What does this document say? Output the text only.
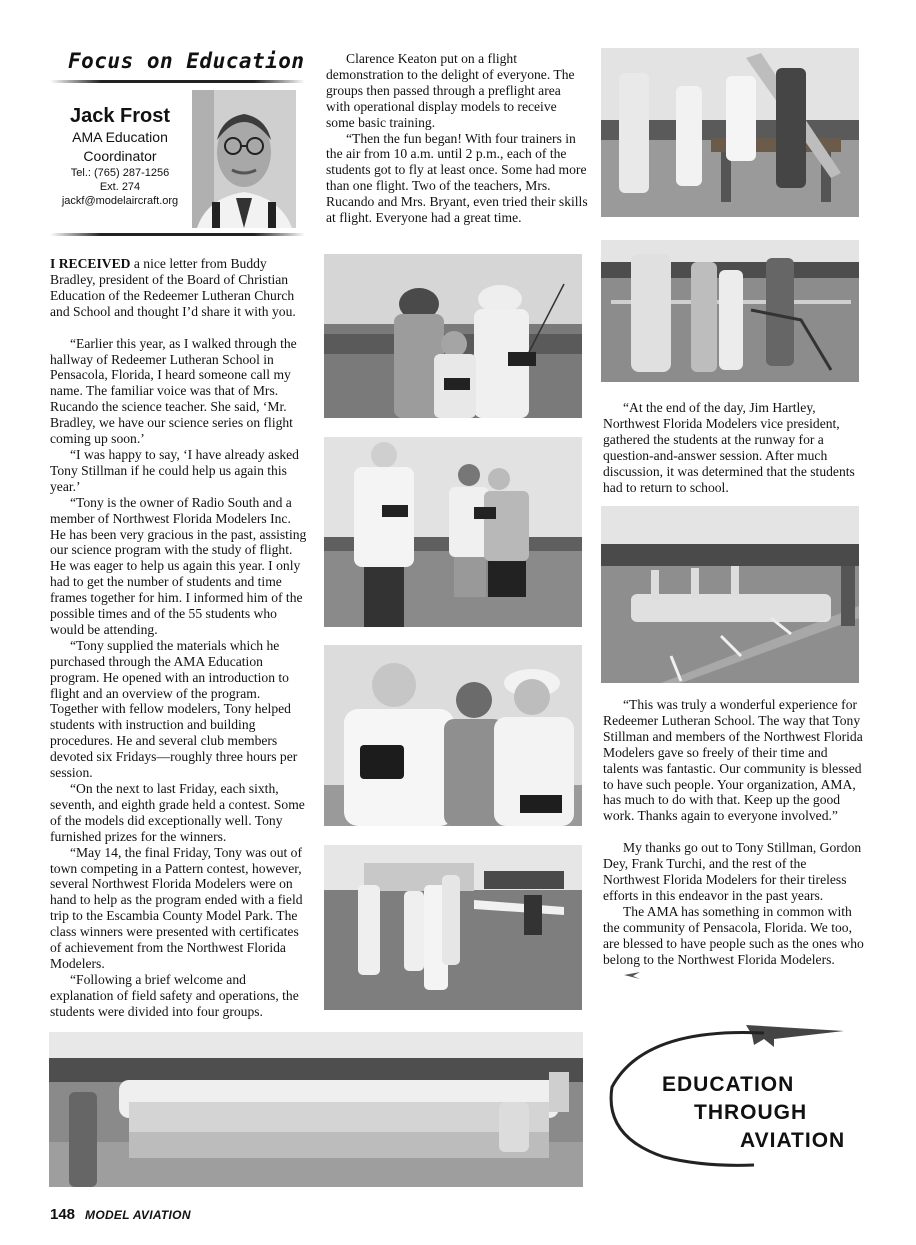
Focus on Education
Jack Frost
AMA Education
Coordinator
Tel.: (765) 287-1256
Ext. 274
jackf@modelaircraft.org

I RECEIVED a nice letter from Buddy Bradley, president of the Board of Christian Education of the Redeemer Lutheran Church and School and thought I’d share it with you.

“Earlier this year, as I walked through the hallway of Redeemer Lutheran School in Pensacola, Florida, I heard someone call my name. The familiar voice was that of Mrs. Rucando the science teacher. She said, ‘Mr. Bradley, we have our science series on flight coming up soon.’

“I was happy to say, ‘I have already asked Tony Stillman if he could help us again this year.’

“Tony is the owner of Radio South and a member of Northwest Florida Modelers Inc. He has been very gracious in the past, assisting our science program with the study of flight. He was eager to help us again this year. I only had to get the number of students and time frames together for him. I informed him of the possible times and of the 55 students who would be attending.

“Tony supplied the materials which he purchased through the AMA Education program. He opened with an introduction to flight and an overview of the program. Together with fellow modelers, Tony helped students with instruction and building procedures. He and several club members devoted six Fridays—roughly three hours per session.

“On the next to last Friday, each sixth, seventh, and eighth grade held a contest. Some of the models did exceptionally well. Tony furnished prizes for the winners.

“May 14, the final Friday, Tony was out of town competing in a Pattern contest, however, several Northwest Florida Modelers were on hand to help as the program ended with a field trip to the Escambia County Model Park. The class winners were presented with certificates of achievement from the Northwest Florida Modelers.

“Following a brief welcome and explanation of field safety and operations, the students were divided into four groups.

Clarence Keaton put on a flight demonstration to the delight of everyone. The groups then passed through a preflight area with operational display models to receive some basic training.

“Then the fun began! With four trainers in the air from 10 a.m. until 2 p.m., each of the students got to fly at least once. Some had more than one flight. Two of the teachers, Mrs. Rucando and Mrs. Bryant, even tried their skills at flight. Everyone had a great time.

“At the end of the day, Jim Hartley, Northwest Florida Modelers vice president, gathered the students at the runway for a question-and-answer session. After much discussion, it was determined that the students had to return to school.

“This was truly a wonderful experience for Redeemer Lutheran School. The way that Tony Stillman and members of the Northwest Florida Modelers gave so freely of their time and talents was fantastic. Our community is blessed to have such people. Your organization, AMA, has much to do with that. Keep up the good work. Thanks again to everyone involved.”

My thanks go out to Tony Stillman, Gordon Dey, Frank Turchi, and the rest of the Northwest Florida Modelers for their tireless efforts in this endeavor in the past years.

The AMA has something in common with the community of Pensacola, Florida. We too, are blessed to have people such as the ones who belong to the Northwest Florida Modelers.

EDUCATION
THROUGH
AVIATION
148 MODEL AVIATION
